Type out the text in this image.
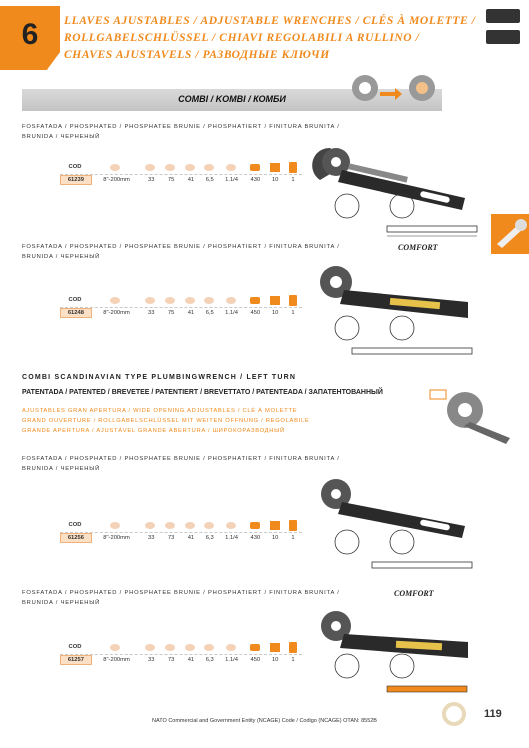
6	LLAVES AJUSTABLES / ADJUSTABLE WRENCHES / CLÉS À MOLETTE /
ROLLGABELSCHLÜSSEL / CHIAVI REGOLABILI A RULLINO /
CHAVES AJUSTAVELS / РАЗВОДНЫЕ КЛЮЧИ
COMBI / KOMBI / КОМБИ
FOSFATADA / PHOSPHATED / PHOSPHATEE BRUNIE / PHOSPHATIERT / FINITURA BRUNITA /
BRUNIDA / ЧЕРНЕНЫЙ
COD
61239	8"-200mm	33	75	41	6,5	1.1/4	430	10	1
FOSFATADA / PHOSPHATED / PHOSPHATEE BRUNIE / PHOSPHATIERT / FINITURA BRUNITA /
BRUNIDA / ЧЕРНЕНЫЙ
COMFORT
COD
61248	8"-200mm	33	75	41	6,5	1.1/4	450	10	1
COMBI SCANDINAVIAN TYPE PLUMBINGWRENCH / LEFT TURN
PATENTADA / PATENTED / BREVETEE / PATENTIERT / BREVETTATO / PATENTEADA / ЗАПАТЕНТОВАННЫЙ
AJUSTABLES GRAN APERTURA / WIDE OPENING ADJUSTABLES / CLÉ À MOLETTE
GRAND OUVERTURE / ROLLGABELSCHLÜSSEL MIT WEITEN ÖFFNUNG / REGOLABILE
GRANDE APERTURA / AJUSTÁVEL GRANDE ABERTURA / ШИРОКОРАЗВОДНЫЙ
FOSFATADA / PHOSPHATED / PHOSPHATEE BRUNIE / PHOSPHATIERT / FINITURA BRUNITA /
BRUNIDA / ЧЕРНЕНЫЙ
COD
61256	8"-200mm	33	73	41	6,3	1.1/4	430	10	1
FOSFATADA / PHOSPHATED / PHOSPHATEE BRUNIE / PHOSPHATIERT / FINITURA BRUNITA /
BRUNIDA / ЧЕРНЕНЫЙ
COMFORT
COD
61257	8"-200mm	33	73	41	6,3	1.1/4	450	10	1
NATO Commercial and Government Entity (NCAGE) Code / Codigo (NCAGE) OTAN: 8552B
119
